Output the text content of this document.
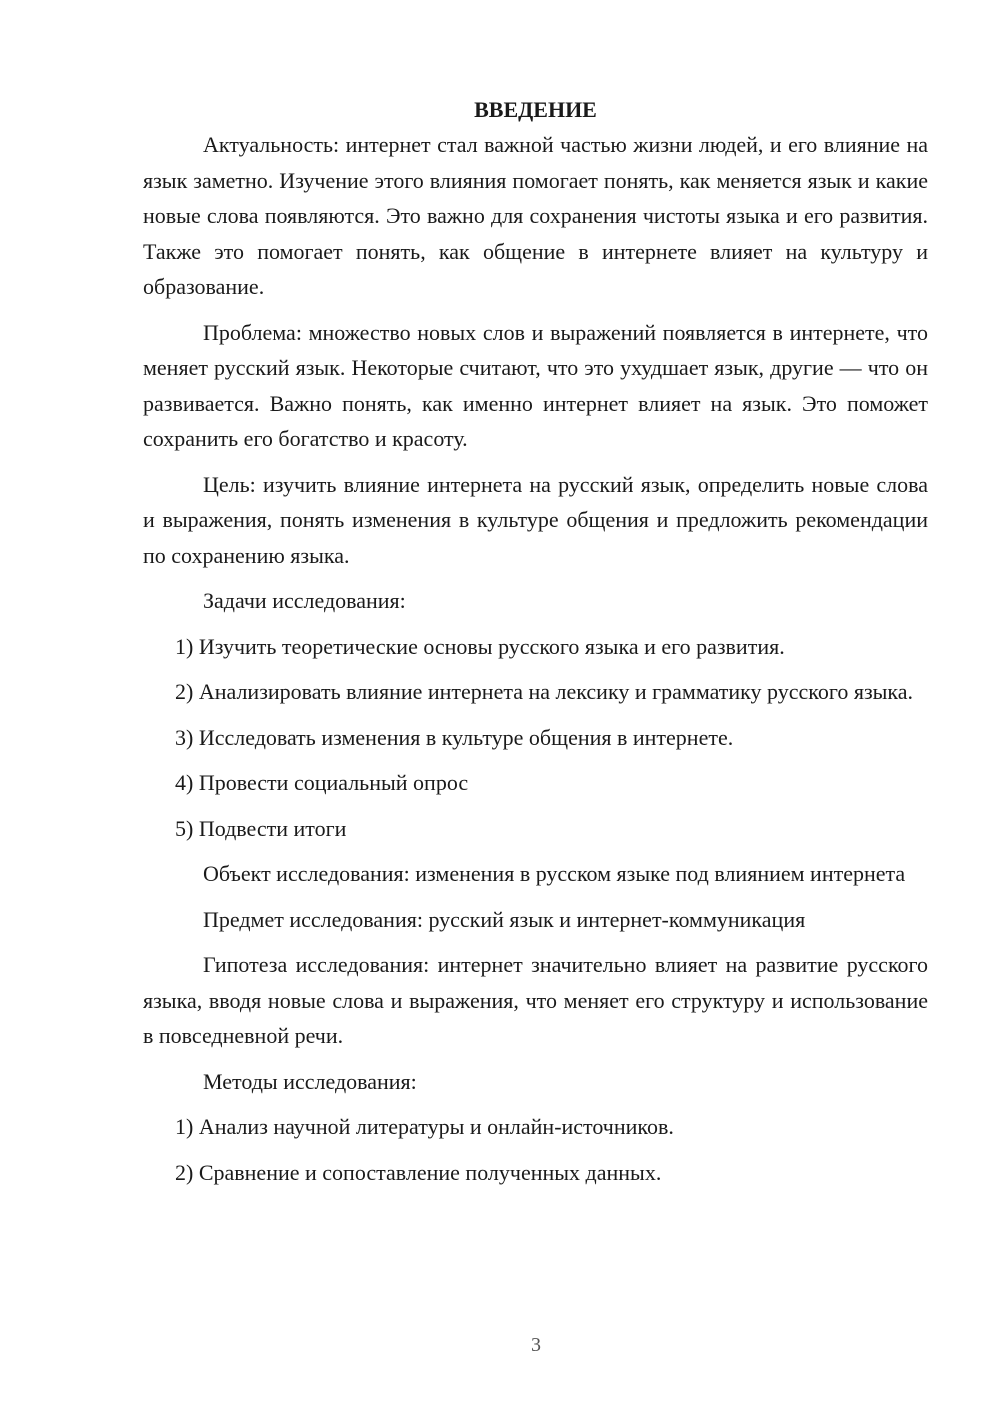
ВВЕДЕНИЕ

Актуальность: интернет стал важной частью жизни людей, и его влияние на язык заметно. Изучение этого влияния помогает понять, как меняется язык и какие новые слова появляются. Это важно для сохранения чистоты языка и его развития. Также это помогает понять, как общение в интернете влияет на культуру и образование.

Проблема: множество новых слов и выражений появляется в интернете, что меняет русский язык. Некоторые считают, что это ухудшает язык, другие — что он развивается. Важно понять, как именно интернет влияет на язык. Это поможет сохранить его богатство и красоту.

Цель: изучить влияние интернета на русский язык, определить новые слова и выражения, понять изменения в культуре общения и предложить рекомендации по сохранению языка.

Задачи исследования:

1) Изучить теоретические основы русского языка и его развития.

2) Анализировать влияние интернета на лексику и грамматику русского языка.

3) Исследовать изменения в культуре общения в интернете.

4) Провести социальный опрос

5) Подвести итоги

Объект исследования: изменения в русском языке под влиянием интернета

Предмет исследования: русский язык и интернет-коммуникация

Гипотеза исследования: интернет значительно влияет на развитие русского языка, вводя новые слова и выражения, что меняет его структуру и использование в повседневной речи.

Методы исследования:

1) Анализ научной литературы и онлайн-источников.

2) Сравнение и сопоставление полученных данных.

3
